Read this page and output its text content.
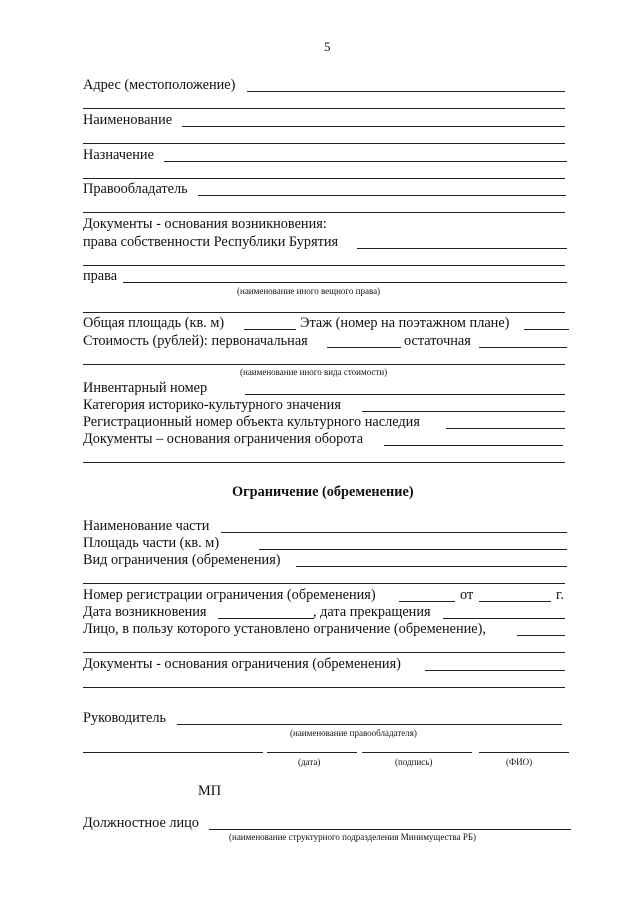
5
Адрес (местоположение)
Наименование
Назначение
Правообладатель
Документы - основания возникновения:
права собственности Республики Бурятия
права
(наименование иного вещного права)
Общая площадь (кв. м)	Этаж (номер на поэтажном плане)
Стоимость (рублей): первоначальная	остаточная
(наименование иного вида стоимости)
Инвентарный номер
Категория историко-культурного значения
Регистрационный номер объекта культурного наследия
Документы – основания ограничения оборота
Ограничение (обременение)
Наименование части
Площадь части (кв. м)
Вид ограничения (обременения)
Номер регистрации ограничения (обременения)	от	г.
Дата возникновения	, дата прекращения
Лицо, в пользу которого установлено ограничение (обременение),
Документы - основания ограничения (обременения)
Руководитель
(наименование правообладателя)
(дата)	(подпись)	(ФИО)
МП
Должностное лицо
(наименование структурного подразделения Минимущества РБ)
